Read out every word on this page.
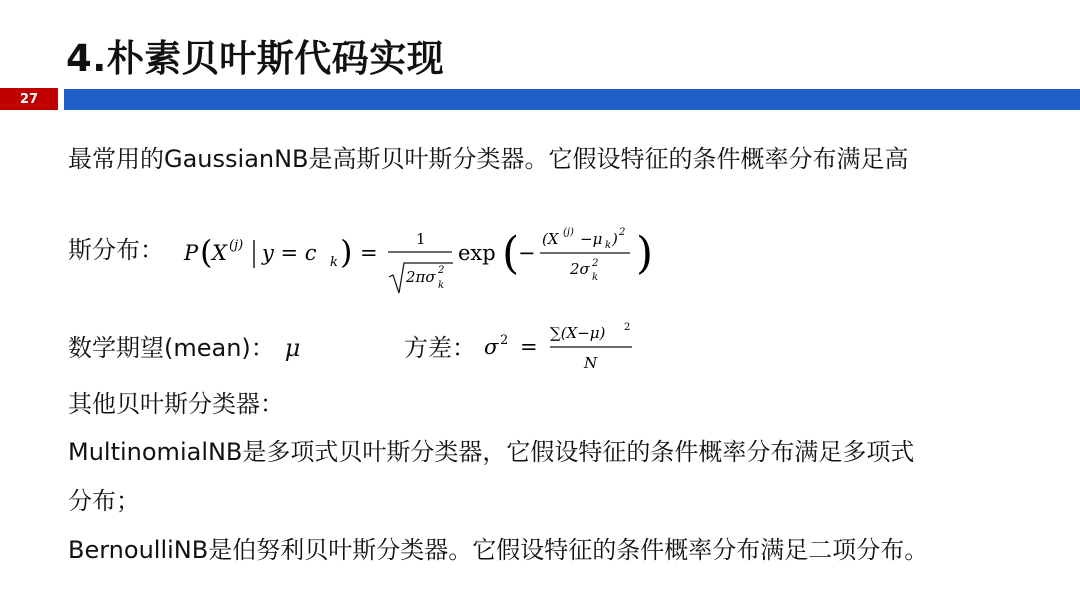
4.朴素贝叶斯代码实现
27
最常用的GaussianNB是高斯贝叶斯分类器。它假设特征的条件概率分布满足高
斯分布： P ( X (j) y = c k ) =
1
2πσ 2
k
exp (
−
(X (j) −μ k ) 2
2σ 2
k )
数学期望(mean)： μ	方差： σ 2 =
∑(X−μ) 2
N
其他贝叶斯分类器：
MultinomialNB是多项式贝叶斯分类器，它假设特征的条件概率分布满足多项式
分布；
BernoulliNB是伯努利贝叶斯分类器。它假设特征的条件概率分布满足二项分布。
